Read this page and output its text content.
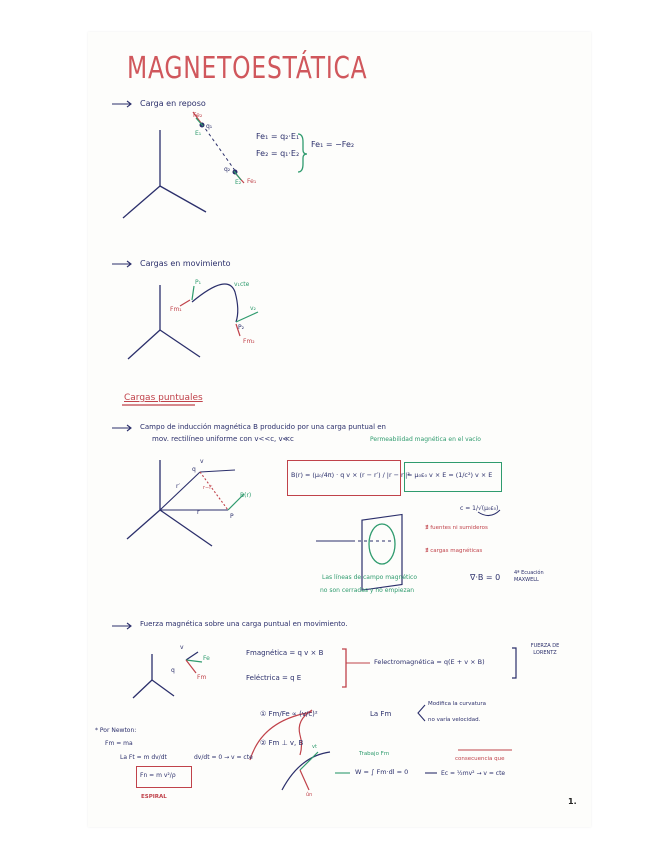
MAGNETOESTÁTICA
Carga en reposo
Fe₂
q₁
E₁
q₂
E₂ Fe₁
Fe₁ = q₂·E₁
Fe₂ = q₁·E₂
Fe₁ = −Fe₂
Cargas en movimiento
P₁	v₁cte
Fm₁	v₂
P₂
Fm₂
Cargas puntuales
Campo de inducción magnética B producido por una carga puntual en
mov. rectilíneo uniforme con v<<c, v≪c	Permeabilidad magnética en el vacío
v
q
r′	r−r′
B(r)
r
P
B(r) = (μ₀/4π) · q v × (r − r′) / |r − r′|³
= μ₀ε₀ v × E = (1/c²) v × E
c = 1/√(μ₀ε₀)
Las líneas de campo magnético
no son cerradas y no empiezan
∄ fuentes ni sumideros
∄ cargas magnéticas
∇·B = 0	4ª Ecuación MAXWELL
Fuerza magnética sobre una carga puntual en movimiento.
v
Fe
q
Fm
Fmagnética = q v × B
Feléctrica = q E
Felectromagnética = q(E + v × B)
FUERZA DE LORENTZ
① Fm/Fe ∝ (v/c)²
② Fm ⊥ v, B
La Fm
Modifica la curvatura
no varía velocidad.
Trabajo Fm
W = ∫ Fm·dl = 0
consecuencia que
Ec = ½mv² → v = cte
vt
ûn
* Por Newton:
Fm = ma
La Ft = m dv/dt	dv/dt = 0 → v = cte
Fn = m v²/ρ
ESPIRAL	1.
